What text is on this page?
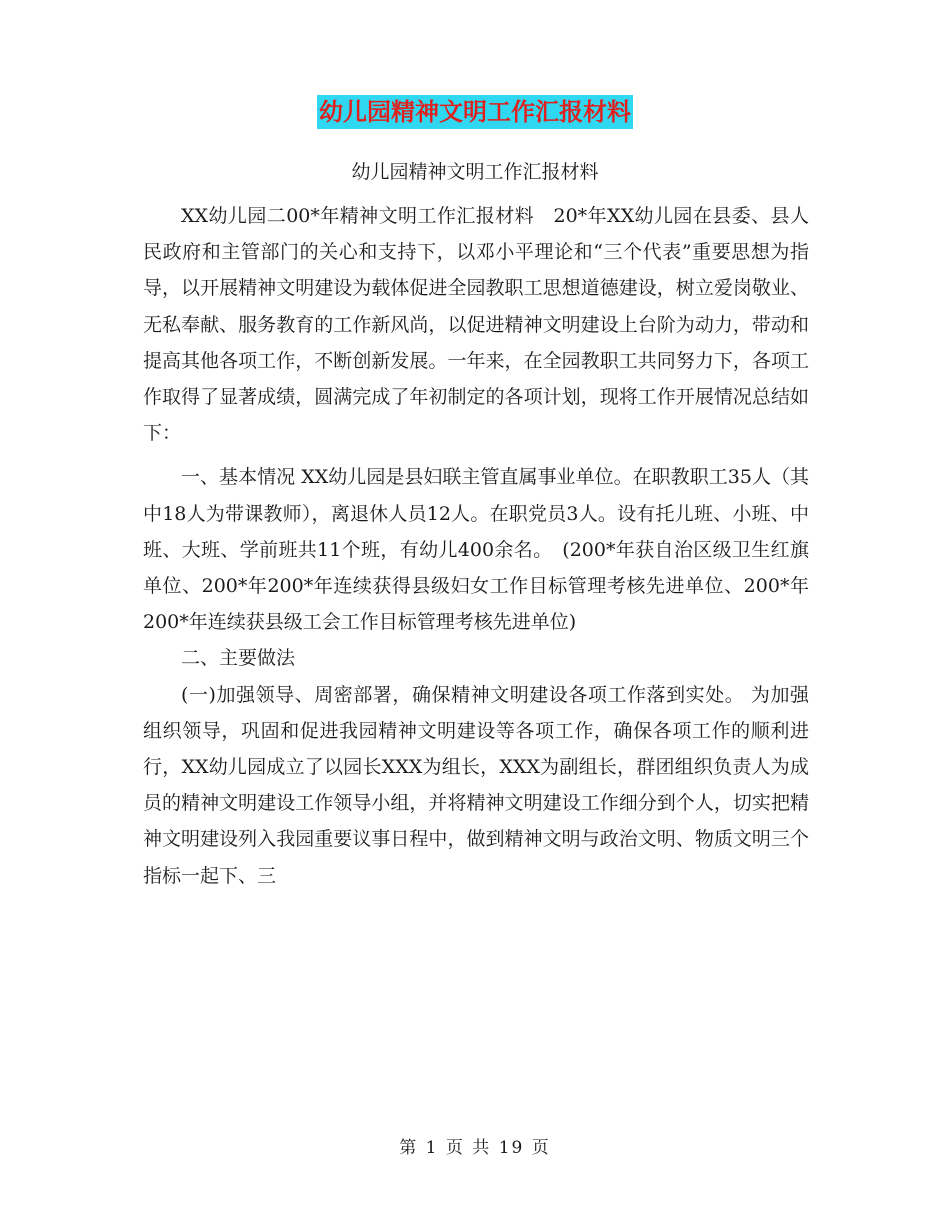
幼儿园精神文明工作汇报材料
幼儿园精神文明工作汇报材料

XX幼儿园二00*年精神文明工作汇报材料　20*年XX幼儿园在县委、县人民政府和主管部门的关心和支持下，以邓小平理论和“三个代表”重要思想为指导，以开展精神文明建设为载体促进全园教职工思想道德建设，树立爱岗敬业、无私奉献、服务教育的工作新风尚，以促进精神文明建设上台阶为动力，带动和提高其他各项工作，不断创新发展。一年来，在全园教职工共同努力下，各项工作取得了显著成绩，圆满完成了年初制定的各项计划，现将工作开展情况总结如下：

一、基本情况 XX幼儿园是县妇联主管直属事业单位。在职教职工35人（其中18人为带课教师），离退休人员12人。在职党员3人。设有托儿班、小班、中班、大班、学前班共11个班，有幼儿400余名。　(200*年获自治区级卫生红旗单位、200*年200*年连续获得县级妇女工作目标管理考核先进单位、200*年200*年连续获县级工会工作目标管理考核先进单位)

二、主要做法

(一)加强领导、周密部署，确保精神文明建设各项工作落到实处。 为加强组织领导，巩固和促进我园精神文明建设等各项工作，确保各项工作的顺利进行，XX幼儿园成立了以园长XXX为组长，XXX为副组长，群团组织负责人为成员的精神文明建设工作领导小组，并将精神文明建设工作细分到个人，切实把精神文明建设列入我园重要议事日程中，做到精神文明与政治文明、物质文明三个指标一起下、三

第 1 页 共 19 页
